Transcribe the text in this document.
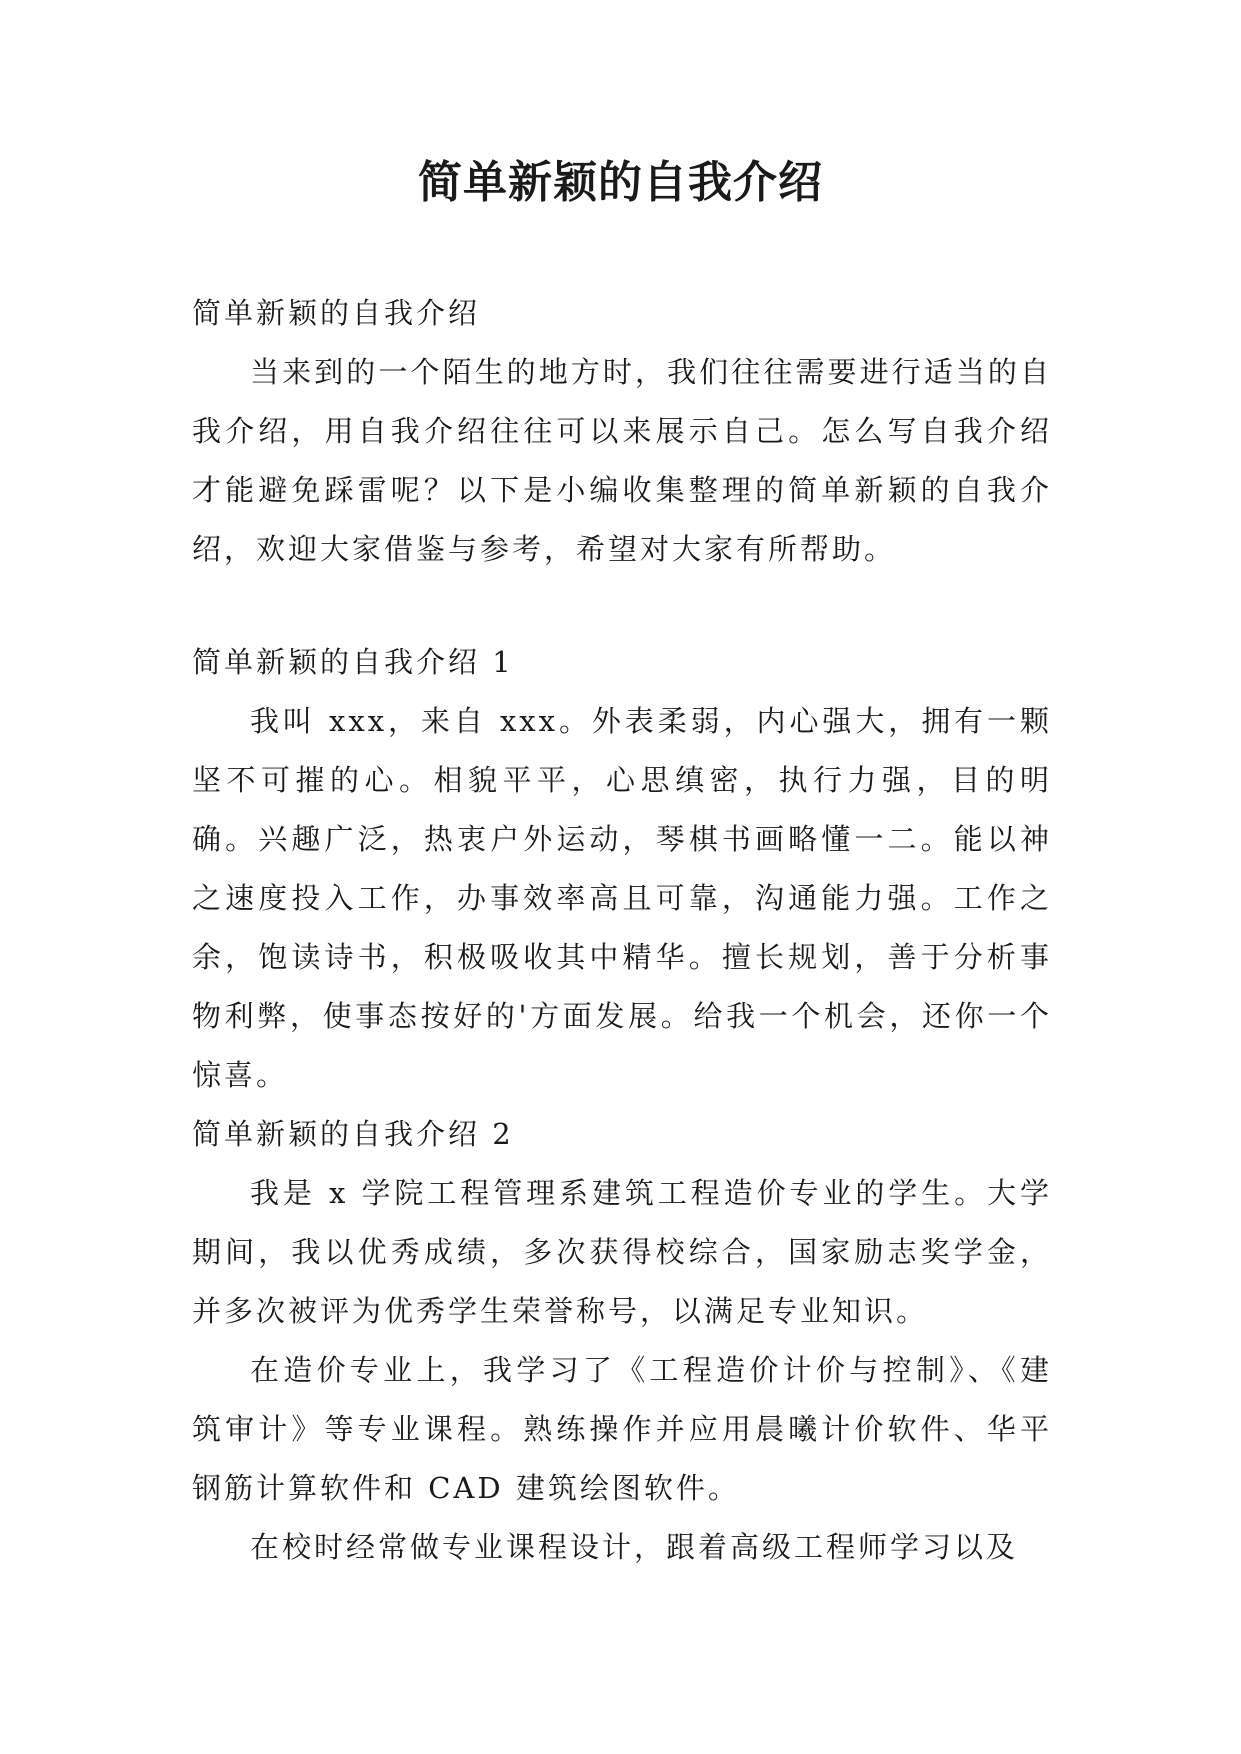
简单新颖的自我介绍

简单新颖的自我介绍

当来到的一个陌生的地方时，我们往往需要进行适当的自我介绍，用自我介绍往往可以来展示自己。怎么写自我介绍才能避免踩雷呢？以下是小编收集整理的简单新颖的自我介绍，欢迎大家借鉴与参考，希望对大家有所帮助。

简单新颖的自我介绍 1

我叫 xxx，来自 xxx。外表柔弱，内心强大，拥有一颗坚不可摧的心。相貌平平，心思缜密，执行力强，目的明确。兴趣广泛，热衷户外运动，琴棋书画略懂一二。能以神之速度投入工作，办事效率高且可靠，沟通能力强。工作之余，饱读诗书，积极吸收其中精华。擅长规划，善于分析事物利弊，使事态按好的'方面发展。给我一个机会，还你一个惊喜。

简单新颖的自我介绍 2

我是 x 学院工程管理系建筑工程造价专业的学生。大学期间，我以优秀成绩，多次获得校综合，国家励志奖学金，并多次被评为优秀学生荣誉称号，以满足专业知识。

在造价专业上，我学习了《工程造价计价与控制》、《建筑审计》等专业课程。熟练操作并应用晨曦计价软件、华平钢筋计算软件和 CAD 建筑绘图软件。

在校时经常做专业课程设计，跟着高级工程师学习以及
